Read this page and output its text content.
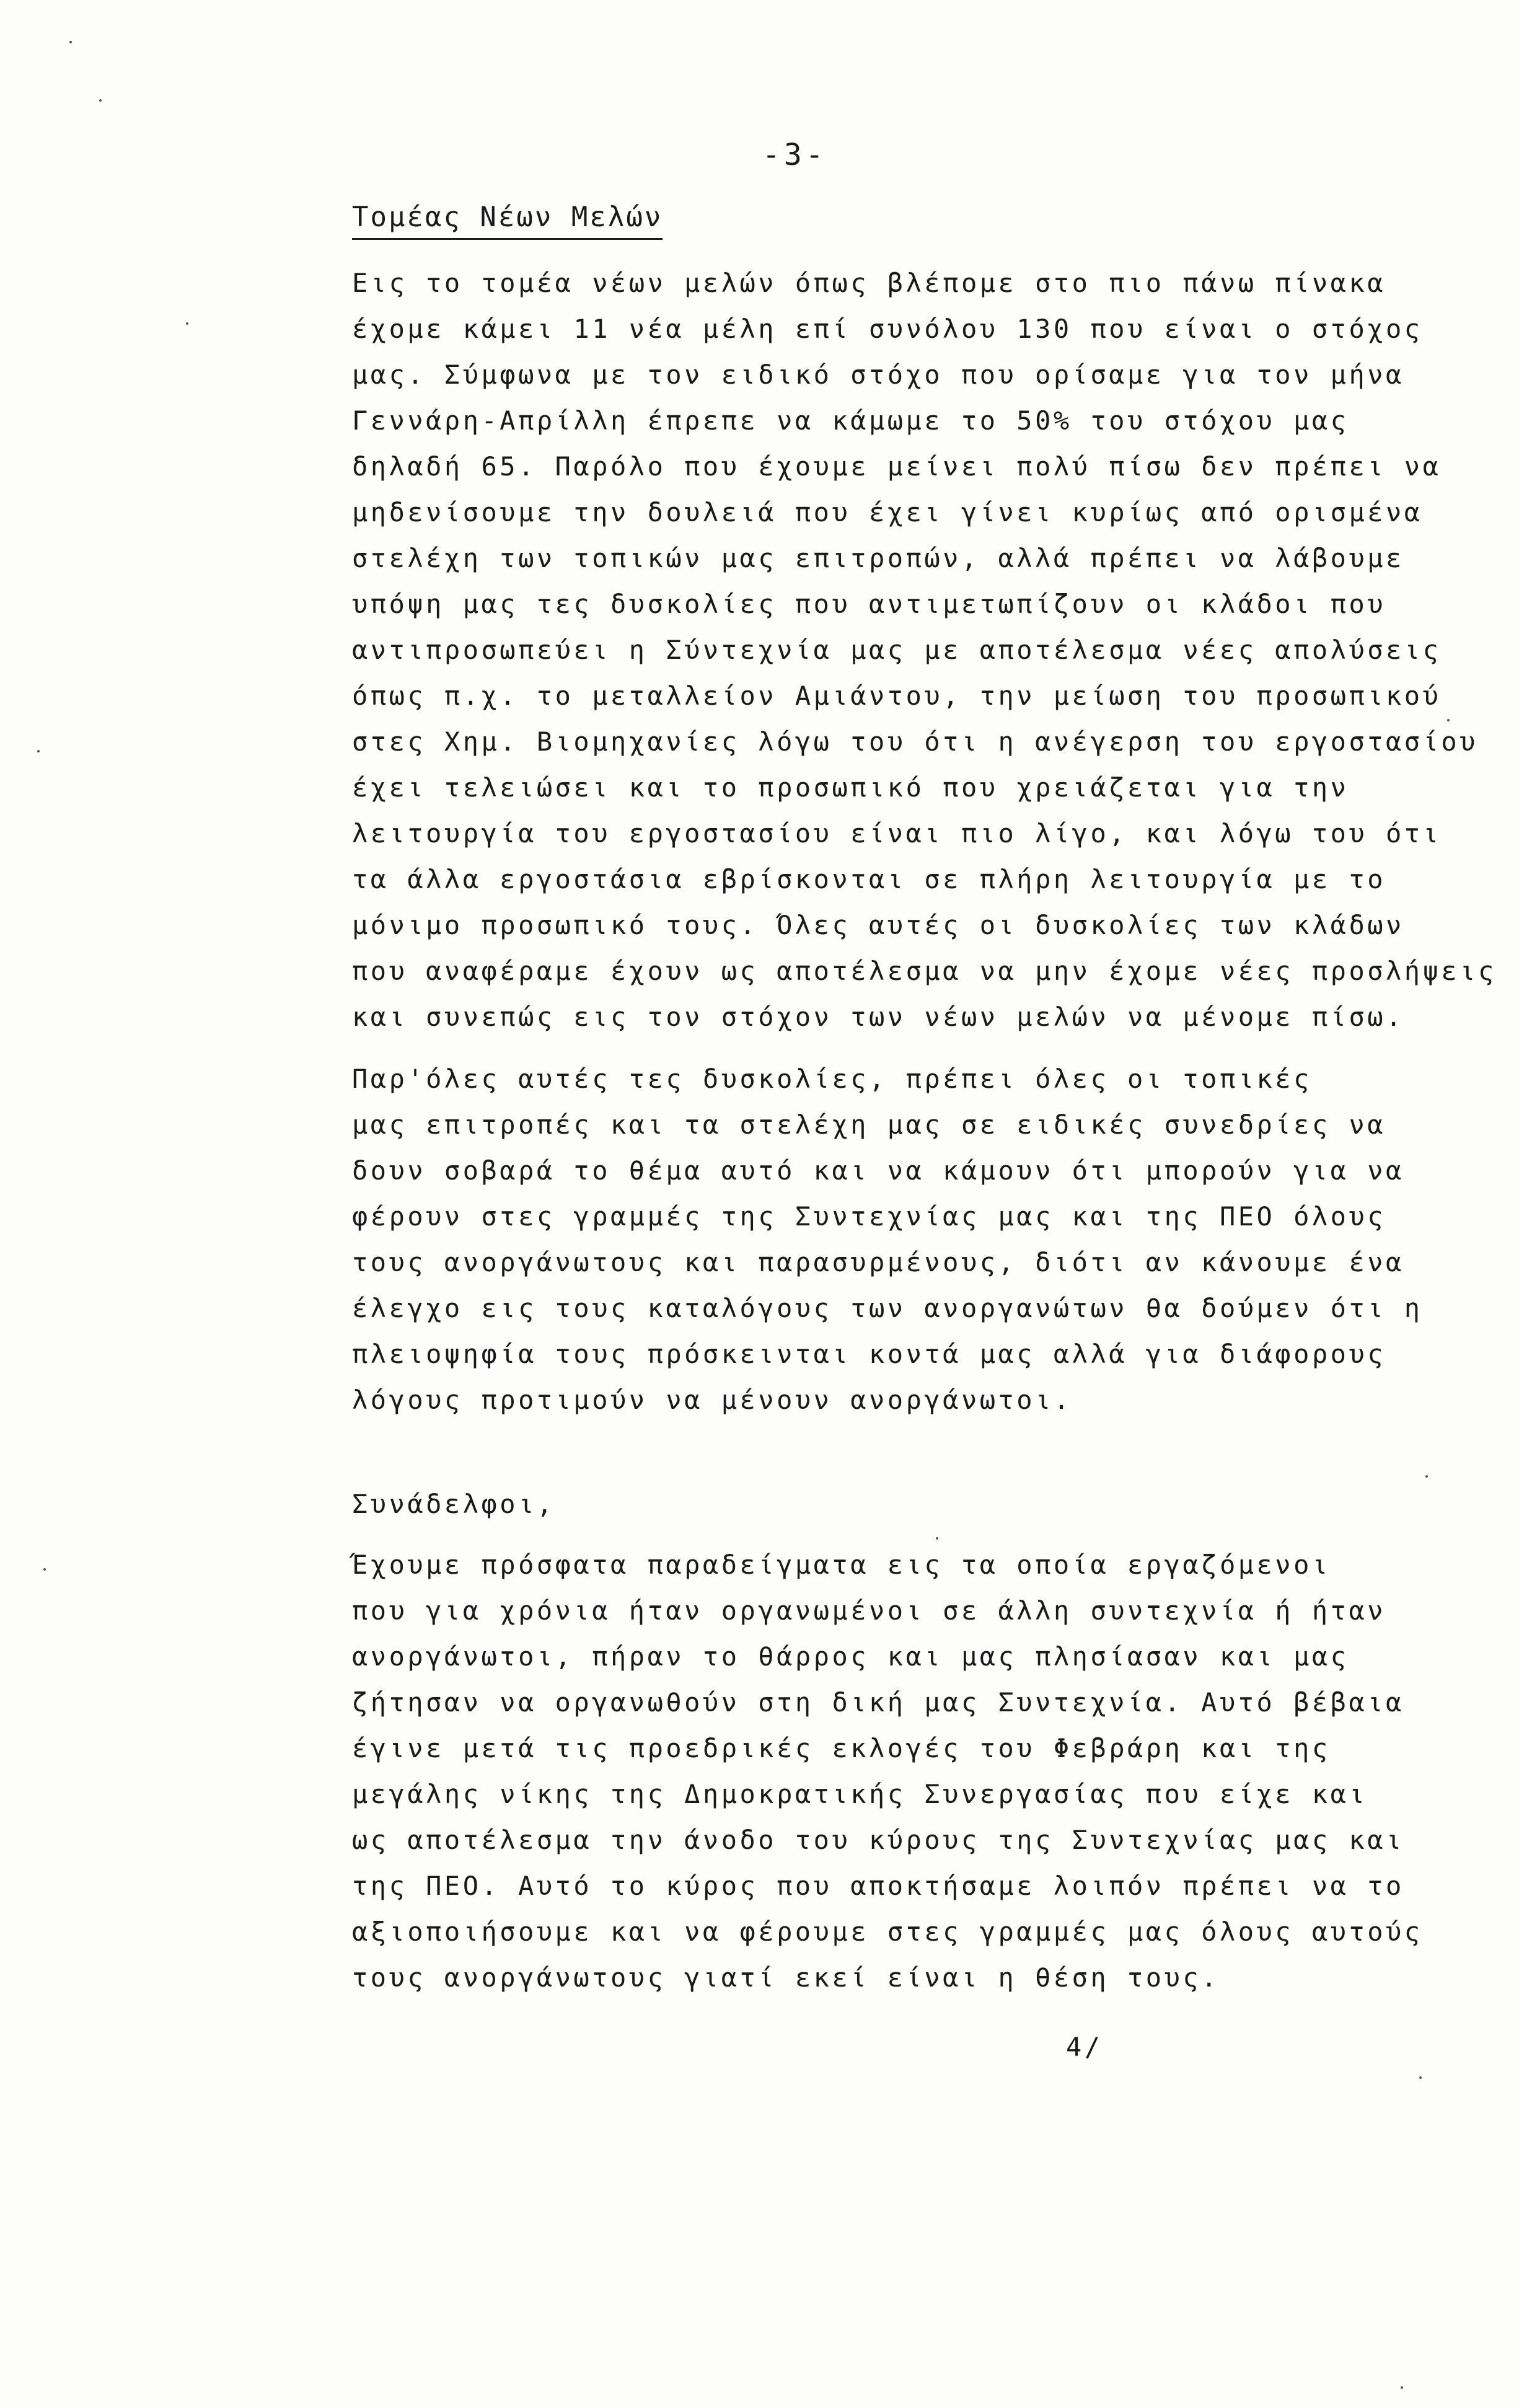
-3-
Τομέας Νέων Μελών
Εις το τομέα νέων μελών όπως βλέπομε στο πιο πάνω πίνακα
έχομε κάμει 11 νέα μέλη επί συνόλου 130 που είναι ο στόχος
μας. Σύμφωνα με τον ειδικό στόχο που ορίσαμε για τον μήνα
Γεννάρη-Απρίλλη έπρεπε να κάμωμε το 50% του στόχου μας
δηλαδή 65. Παρόλο που έχουμε μείνει πολύ πίσω δεν πρέπει να
μηδενίσουμε την δουλειά που έχει γίνει κυρίως από ορισμένα
στελέχη των τοπικών μας επιτροπών, αλλά πρέπει να λάβουμε
υπόψη μας τες δυσκολίες που αντιμετωπίζουν οι κλάδοι που
αντιπροσωπεύει η Σύντεχνία μας με αποτέλεσμα νέες απολύσεις
όπως π.χ. το μεταλλείον Αμιάντου, την μείωση του προσωπικού
στες Χημ. Βιομηχανίες λόγω του ότι η ανέγερση του εργοστασίου
έχει τελειώσει και το προσωπικό που χρειάζεται για την
λειτουργία του εργοστασίου είναι πιο λίγο, και λόγω του ότι
τα άλλα εργοστάσια εβρίσκονται σε πλήρη λειτουργία με το
μόνιμο προσωπικό τους. Όλες αυτές οι δυσκολίες των κλάδων
που αναφέραμε έχουν ως αποτέλεσμα να μην έχομε νέες προσλήψεις
και συνεπώς εις τον στόχον των νέων μελών να μένομε πίσω.
Παρ'όλες αυτές τες δυσκολίες, πρέπει όλες οι τοπικές
μας επιτροπές και τα στελέχη μας σε ειδικές συνεδρίες να
δουν σοβαρά το θέμα αυτό και να κάμουν ότι μπορούν για να
φέρουν στες γραμμές της Συντεχνίας μας και της ΠΕΟ όλους
τους ανοργάνωτους και παρασυρμένους, διότι αν κάνουμε ένα
έλεγχο εις τους καταλόγους των ανοργανώτων θα δούμεν ότι η
πλειοψηφία τους πρόσκεινται κοντά μας αλλά για διάφορους
λόγους προτιμούν να μένουν ανοργάνωτοι.
Συνάδελφοι,
Έχουμε πρόσφατα παραδείγματα εις τα οποία εργαζόμενοι
που για χρόνια ήταν οργανωμένοι σε άλλη συντεχνία ή ήταν
ανοργάνωτοι, πήραν το θάρρος και μας πλησίασαν και μας
ζήτησαν να οργανωθούν στη δική μας Συντεχνία. Αυτό βέβαια
έγινε μετά τις προεδρικές εκλογές του Φεβράρη και της
μεγάλης νίκης της Δημοκρατικής Συνεργασίας που είχε και
ως αποτέλεσμα την άνοδο του κύρους της Συντεχνίας μας και
της ΠΕΟ. Αυτό το κύρος που αποκτήσαμε λοιπόν πρέπει να το
αξιοποιήσουμε και να φέρουμε στες γραμμές μας όλους αυτούς
τους ανοργάνωτους γιατί εκεί είναι η θέση τους.
4/
